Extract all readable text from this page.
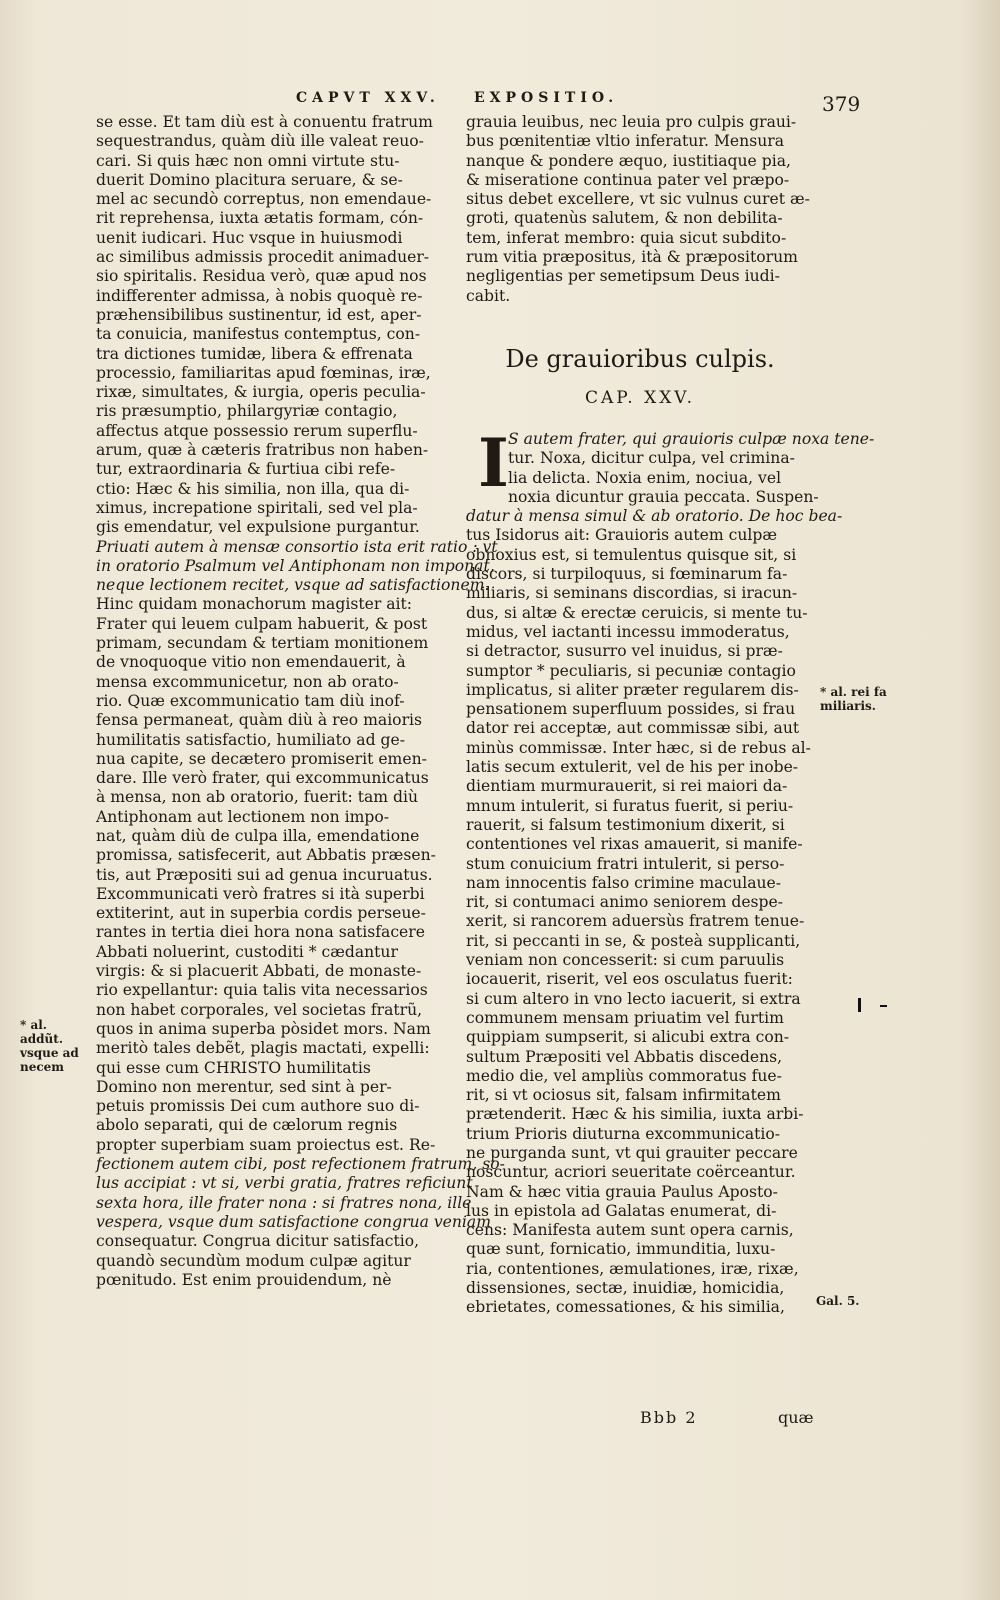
CAPVT XXV. EXPOSITIO.	379
se esse. Et tam diù est à conuentu fratrum
sequestrandus, quàm diù ille valeat reuo-
cari. Si quis hæc non omni virtute stu-
duerit Domino placitura seruare, & se-
mel ac secundò correptus, non emendaue-
rit reprehensa, iuxta ætatis formam, cón-
uenit iudicari. Huc vsque in huiusmodi
ac similibus admissis procedit animaduer-
sio spiritalis. Residua verò, quæ apud nos
indifferenter admissa, à nobis quoquè re-
præhensibilibus sustinentur, id est, aper-
ta conuicia, manifestus contemptus, con-
tra dictiones tumidæ, libera & effrenata
processio, familiaritas apud fœminas, iræ,
rixæ, simultates, & iurgia, operis peculia-
ris præsumptio, philargyriæ contagio,
affectus atque possessio rerum superflu-
arum, quæ à cæteris fratribus non haben-
tur, extraordinaria & furtiua cibi refe-
ctio: Hæc & his similia, non illa, qua di-
ximus, increpatione spiritali, sed vel pla-
gis emendatur, vel expulsione purgantur.
Priuati autem à mensæ consortio ista erit ratio : vt
in oratorio Psalmum vel Antiphonam non imponat,
neque lectionem recitet, vsque ad satisfactionem.
Hinc quidam monachorum magister ait:
Frater qui leuem culpam habuerit, & post
primam, secundam & tertiam monitionem
de vnoquoque vitio non emendauerit, à
mensa excommunicetur, non ab orato-
rio. Quæ excommunicatio tam diù inof-
fensa permaneat, quàm diù à reo maioris
humilitatis satisfactio, humiliato ad ge-
nua capite, se decætero promiserit emen-
dare. Ille verò frater, qui excommunicatus
à mensa, non ab oratorio, fuerit: tam diù
Antiphonam aut lectionem non impo-
nat, quàm diù de culpa illa, emendatione
promissa, satisfecerit, aut Abbatis præsen-
tis, aut Præpositi sui ad genua incuruatus.
Excommunicati verò fratres si ità superbi
extiterint, aut in superbia cordis perseue-
rantes in tertia diei hora nona satisfacere
Abbati noluerint, custoditi * cædantur
virgis: & si placuerit Abbati, de monaste-
rio expellantur: quia talis vita necessarios
non habet corporales, vel societas fratrũ,
quos in anima superba pòsidet mors. Nam
meritò tales debẽt, plagis mactati, expelli:
qui esse cum CHRISTO humilitatis
Domino non merentur, sed sint à per-
petuis promissis Dei cum authore suo di-
abolo separati, qui de cælorum regnis
propter superbiam suam proiectus est. Re-
fectionem autem cibi, post refectionem fratrum, so-
lus accipiat : vt si, verbi gratia, fratres reficiunt
sexta hora, ille frater nona : si fratres nona, ille
vespera, vsque dum satisfactione congrua veniam
consequatur. Congrua dicitur satisfactio,
quandò secundùm modum culpæ agitur
pœnitudo. Est enim prouidendum, nè
grauia leuibus, nec leuia pro culpis graui-
bus pœnitentiæ vltio inferatur. Mensura
nanque & pondere æquo, iustitiaque pia,
& miseratione continua pater vel præpo-
situs debet excellere, vt sic vulnus curet æ-
groti, quatenùs salutem, & non debilita-
tem, inferat membro: quia sicut subdito-
rum vitia præpositus, ità & præpositorum
negligentias per semetipsum Deus iudi-
cabit.
De grauioribus culpis.
CAP. XXV.
I S autem frater, qui grauioris culpæ noxa tene-
tur. Noxa, dicitur culpa, vel crimina-
lia delicta. Noxia enim, nociua, vel
noxia dicuntur grauia peccata. Suspen-
datur à mensa simul & ab oratorio. De hoc bea-
tus Isidorus ait: Grauioris autem culpæ
obnoxius est, si temulentus quisque sit, si
discors, si turpiloquus, si fœminarum fa-
miliaris, si seminans discordias, si iracun-
dus, si altæ & erectæ ceruicis, si mente tu-
midus, vel iactanti incessu immoderatus,
si detractor, susurro vel inuidus, si præ-
sumptor * peculiaris, si pecuniæ contagio
implicatus, si aliter præter regularem dis-
pensationem superfluum possides, si frau
dator rei acceptæ, aut commissæ sibi, aut
minùs commissæ. Inter hæc, si de rebus al-
latis secum extulerit, vel de his per inobe-
dientiam murmurauerit, si rei maiori da-
mnum intulerit, si furatus fuerit, si periu-
rauerit, si falsum testimonium dixerit, si
contentiones vel rixas amauerit, si manife-
stum conuicium fratri intulerit, si perso-
nam innocentis falso crimine maculaue-
rit, si contumaci animo seniorem despe-
xerit, si rancorem aduersùs fratrem tenue-
rit, si peccanti in se, & posteà supplicanti,
veniam non concesserit: si cum paruulis
iocauerit, riserit, vel eos osculatus fuerit:
si cum altero in vno lecto iacuerit, si extra
communem mensam priuatim vel furtim
quippiam sumpserit, si alicubi extra con-
sultum Præpositi vel Abbatis discedens,
medio die, vel ampliùs commoratus fue-
rit, si vt ociosus sit, falsam infirmitatem
prætenderit. Hæc & his similia, iuxta arbi-
trium Prioris diuturna excommunicatio-
ne purganda sunt, vt qui grauiter peccare
noscuntur, acriori seueritate coërceantur.
Nam & hæc vitia grauia Paulus Aposto-
lus in epistola ad Galatas enumerat, di-
cens: Manifesta autem sunt opera carnis,
quæ sunt, fornicatio, immunditia, luxu-
ria, contentiones, æmulationes, iræ, rixæ,
dissensiones, sectæ, inuidiæ, homicidia,
ebrietates, comessationes, & his similia,
* al. addũt. vsque ad necem
* al. rei fa miliaris.
Gal. 5.
Bbb 2	quæ
